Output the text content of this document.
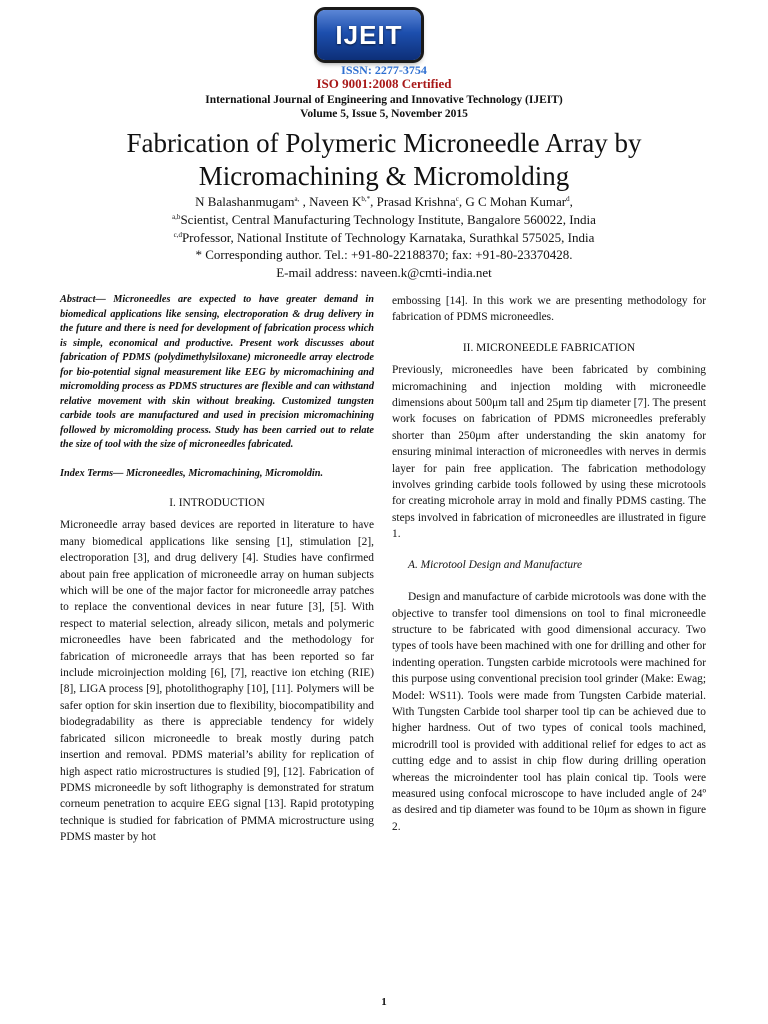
IJEIT
ISSN: 2277-3754
ISO 9001:2008 Certified
International Journal of Engineering and Innovative Technology (IJEIT)
Volume 5, Issue 5, November 2015
Fabrication of Polymeric Microneedle Array by
Micromachining & Micromolding
N Balashanmugam$^{a,}$ , Naveen $K^{b,*}$, Prasad Krishna$^c$, G C Mohan Kumar$^d$,
$^{a,b}$Scientist, Central Manufacturing Technology Institute, Bangalore 560022, India
$^{c,d}$Professor, National Institute of Technology Karnataka, Surathkal 575025, India
* Corresponding author. Tel.: +91-80-22188370; fax: +91-80-23370428.
E-mail address: naveen.k@cmti-india.net

Abstract— Microneedles are expected to have greater demand in biomedical applications like sensing, electroporation & drug delivery in the future and there is need for development of fabrication process which is simple, economical and productive. Present work discusses about fabrication of PDMS (polydimethylsiloxane) microneedle array electrode for bio-potential signal measurement like EEG by micromachining and micromolding process as PDMS structures are flexible and can withstand relative movement with skin without breaking. Customized tungsten carbide tools are manufactured and used in precision micromachining followed by micromolding process. Study has been carried out to relate the size of tool with the size of microneedles fabricated.

Index Terms— Microneedles, Micromachining, Micromoldin.

I. INTRODUCTION

Microneedle array based devices are reported in literature to have many biomedical applications like sensing [1], stimulation [2], electroporation [3], and drug delivery [4]. Studies have confirmed about pain free application of microneedle array on human subjects which will be one of the major factor for microneedle array patches to replace the conventional devices in near future [3], [5]. With respect to material selection, already silicon, metals and polymeric microneedles have been fabricated and the methodology for fabrication of microneedle arrays that has been reported so far include microinjection molding [6], [7], reactive ion etching (RIE) [8], LIGA process [9], photolithography [10], [11]. Polymers will be safer option for skin insertion due to flexibility, biocompatibility and biodegradability as there is appreciable tendency for widely fabricated silicon microneedle to break mostly during patch insertion and removal. PDMS material’s ability for replication of high aspect ratio microstructures is studied [9], [12]. Fabrication of PDMS microneedle by soft lithography is demonstrated for stratum corneum penetration to acquire EEG signal [13]. Rapid prototyping technique is studied for fabrication of PMMA microstructure using PDMS master by hot

embossing [14]. In this work we are presenting methodology for fabrication of PDMS microneedles.

II. MICRONEEDLE FABRICATION

Previously, microneedles have been fabricated by combining micromachining and injection molding with microneedle dimensions about 500μm tall and 25μm tip diameter [7]. The present work focuses on fabrication of PDMS microneedles preferably shorter than 250μm after understanding the skin anatomy for ensuring minimal interaction of microneedles with nerves in dermis layer for pain free application. The fabrication methodology involves grinding carbide tools followed by using these microtools for creating microhole array in mold and finally PDMS casting. The steps involved in fabrication of microneedles are illustrated in figure 1.

A. Microtool Design and Manufacture

Design and manufacture of carbide microtools was done with the objective to transfer tool dimensions on tool to final microneedle structure to be fabricated with good dimensional accuracy. Two types of tools have been machined with one for drilling and other for indenting operation. Tungsten carbide microtools were machined for this purpose using conventional precision tool grinder (Make: Ewag; Model: WS11). Tools were made from Tungsten Carbide material. With Tungsten Carbide tool sharper tool tip can be achieved due to higher hardness. Out of two types of conical tools machined, microdrill tool is provided with additional relief for edges to act as cutting edge and to assist in chip flow during drilling operation whereas the microindenter tool has plain conical tip. Tools were measured using confocal microscope to have included angle of 24º as desired and tip diameter was found to be 10μm as shown in figure 2.

1
